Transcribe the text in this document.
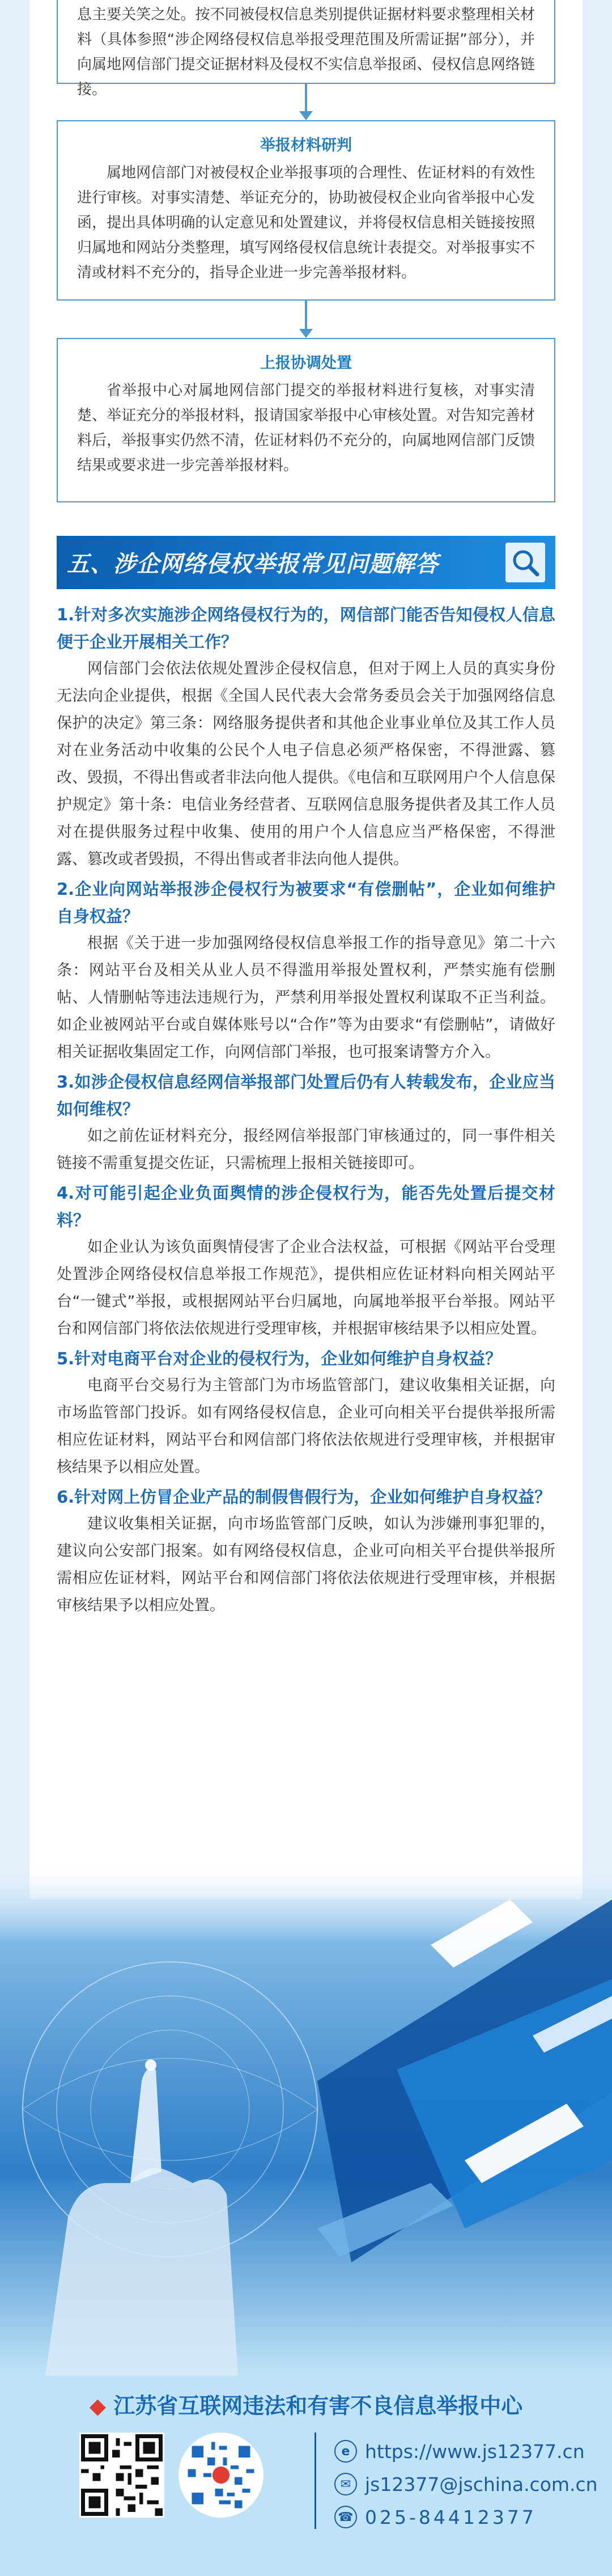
息主要关笑之处。按不同被侵权信息类别提供证据材料要求整理相关材料（具体参照“涉企网络侵权信息举报受理范围及所需证据”部分），并向属地网信部门提交证据材料及侵权不实信息举报函、侵权信息网络链接。
举报材料研判
属地网信部门对被侵权企业举报事项的合理性、佐证材料的有效性进行审核。对事实清楚、举证充分的，协助被侵权企业向省举报中心发函，提出具体明确的认定意见和处置建议，并将侵权信息相关链接按照归属地和网站分类整理，填写网络侵权信息统计表提交。对举报事实不清或材料不充分的，指导企业进一步完善举报材料。
上报协调处置
省举报中心对属地网信部门提交的举报材料进行复核，对事实清楚、举证充分的举报材料，报请国家举报中心审核处置。对告知完善材料后，举报事实仍然不清，佐证材料仍不充分的，向属地网信部门反馈结果或要求进一步完善举报材料。
五、涉企网络侵权举报常见问题解答
1.针对多次实施涉企网络侵权行为的，网信部门能否告知侵权人信息便于企业开展相关工作？
网信部门会依法依规处置涉企侵权信息，但对于网上人员的真实身份无法向企业提供，根据《全国人民代表大会常务委员会关于加强网络信息保护的决定》第三条：网络服务提供者和其他企业事业单位及其工作人员对在业务活动中收集的公民个人电子信息必须严格保密，不得泄露、篡改、毁损，不得出售或者非法向他人提供。《电信和互联网用户个人信息保护规定》第十条：电信业务经营者、互联网信息服务提供者及其工作人员对在提供服务过程中收集、使用的用户个人信息应当严格保密，不得泄露、篡改或者毁损，不得出售或者非法向他人提供。
2.企业向网站举报涉企侵权行为被要求“有偿删帖”，企业如何维护自身权益？
根据《关于进一步加强网络侵权信息举报工作的指导意见》第二十六条：网站平台及相关从业人员不得滥用举报处置权利，严禁实施有偿删帖、人情删帖等违法违规行为，严禁利用举报处置权利谋取不正当利益。如企业被网站平台或自媒体账号以“合作”等为由要求“有偿删帖”，请做好相关证据收集固定工作，向网信部门举报，也可报案请警方介入。
3.如涉企侵权信息经网信举报部门处置后仍有人转载发布，企业应当如何维权？
如之前佐证材料充分，报经网信举报部门审核通过的，同一事件相关链接不需重复提交佐证，只需梳理上报相关链接即可。
4.对可能引起企业负面舆情的涉企侵权行为，能否先处置后提交材料？
如企业认为该负面舆情侵害了企业合法权益，可根据《网站平台受理处置涉企网络侵权信息举报工作规范》，提供相应佐证材料向相关网站平台“一键式”举报，或根据网站平台归属地，向属地举报平台举报。网站平台和网信部门将依法依规进行受理审核，并根据审核结果予以相应处置。
5.针对电商平台对企业的侵权行为，企业如何维护自身权益？
电商平台交易行为主管部门为市场监管部门，建议收集相关证据，向市场监管部门投诉。如有网络侵权信息，企业可向相关平台提供举报所需相应佐证材料，网站平台和网信部门将依法依规进行受理审核，并根据审核结果予以相应处置。
6.针对网上仿冒企业产品的制假售假行为，企业如何维护自身权益？
建议收集相关证据，向市场监管部门反映，如认为涉嫌刑事犯罪的，建议向公安部门报案。如有网络侵权信息，企业可向相关平台提供举报所需相应佐证材料，网站平台和网信部门将依法依规进行受理审核，并根据审核结果予以相应处置。
◆ 江苏省互联网违法和有害不良信息举报中心
e https://www.js12377.cn
✉ js12377@jschina.com.cn
☎ 025-84412377
